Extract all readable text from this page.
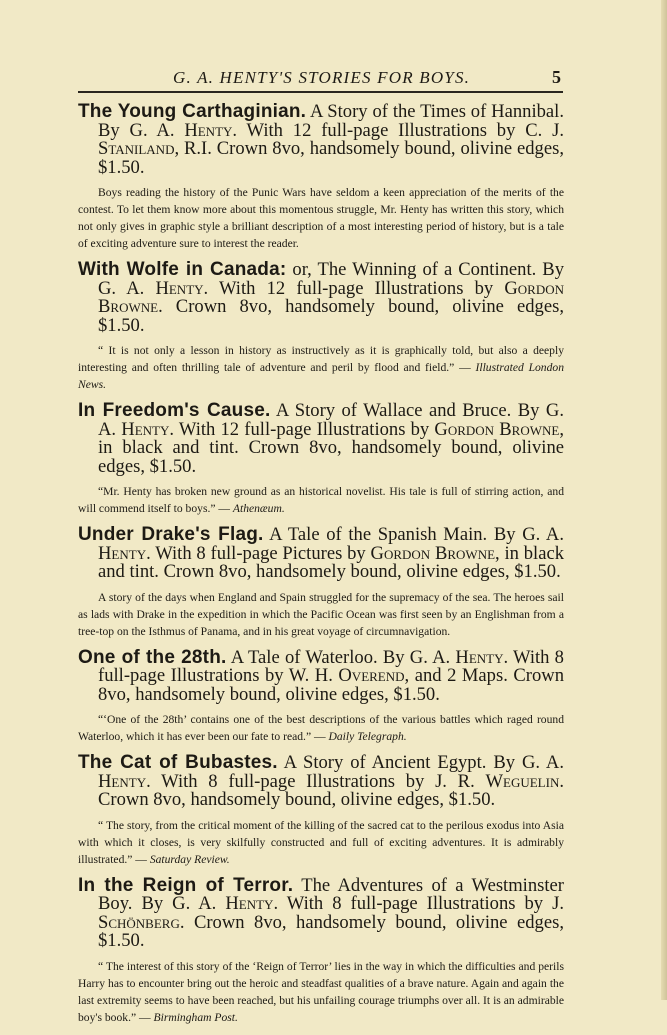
G. A. HENTY'S STORIES FOR BOYS.	5

The Young Carthaginian. A Story of the Times of Hannibal. By G. A. Henty. With 12 full-page Illustrations by C. J. Staniland, R.I. Crown 8vo, handsomely bound, olivine edges, $1.50.

Boys reading the history of the Punic Wars have seldom a keen appreciation of the merits of the contest. To let them know more about this momentous struggle, Mr. Henty has written this story, which not only gives in graphic style a brilliant description of a most interesting period of history, but is a tale of exciting adventure sure to interest the reader.

With Wolfe in Canada: or, The Winning of a Continent. By G. A. Henty. With 12 full-page Illustrations by Gordon Browne. Crown 8vo, handsomely bound, olivine edges, $1.50.

“ It is not only a lesson in history as instructively as it is graphically told, but also a deeply interesting and often thrilling tale of adventure and peril by flood and field.” — Illustrated London News.

In Freedom's Cause. A Story of Wallace and Bruce. By G. A. Henty. With 12 full-page Illustrations by Gordon Browne, in black and tint. Crown 8vo, handsomely bound, olivine edges, $1.50.

“Mr. Henty has broken new ground as an historical novelist. His tale is full of stirring action, and will commend itself to boys.” — Athenæum.

Under Drake's Flag. A Tale of the Spanish Main. By G. A. Henty. With 8 full-page Pictures by Gordon Browne, in black and tint. Crown 8vo, handsomely bound, olivine edges, $1.50.

A story of the days when England and Spain struggled for the supremacy of the sea. The heroes sail as lads with Drake in the expedition in which the Pacific Ocean was first seen by an Englishman from a tree-top on the Isthmus of Panama, and in his great voyage of circumnavigation.

One of the 28th. A Tale of Waterloo. By G. A. Henty. With 8 full-page Illustrations by W. H. Overend, and 2 Maps. Crown 8vo, handsomely bound, olivine edges, $1.50.

“‘One of the 28th’ contains one of the best descriptions of the various battles which raged round Waterloo, which it has ever been our fate to read.” — Daily Telegraph.

The Cat of Bubastes. A Story of Ancient Egypt. By G. A. Henty. With 8 full-page Illustrations by J. R. Weguelin. Crown 8vo, handsomely bound, olivine edges, $1.50.

“ The story, from the critical moment of the killing of the sacred cat to the perilous exodus into Asia with which it closes, is very skilfully constructed and full of exciting adventures. It is admirably illustrated.” — Saturday Review.

In the Reign of Terror. The Adventures of a Westminster Boy. By G. A. Henty. With 8 full-page Illustrations by J. Schönberg. Crown 8vo, handsomely bound, olivine edges, $1.50.

“ The interest of this story of the ‘Reign of Terror’ lies in the way in which the difficulties and perils Harry has to encounter bring out the heroic and steadfast qualities of a brave nature. Again and again the last extremity seems to have been reached, but his unfailing courage triumphs over all. It is an admirable boy's book.” — Birmingham Post.
